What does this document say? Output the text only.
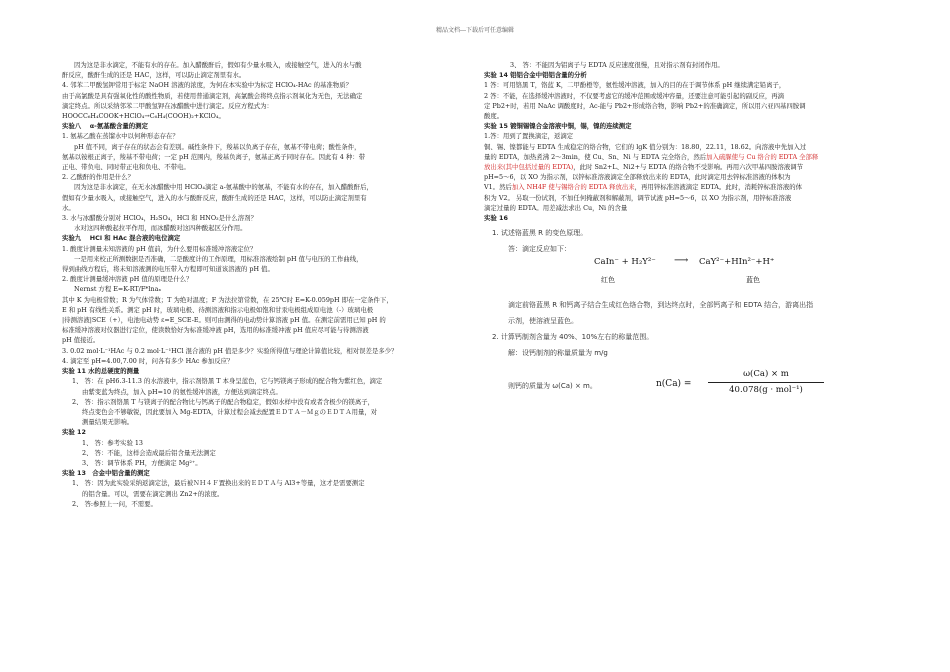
精品文档---下载后可任意编辑

因为这是非水滴定，不能有水的存在。加入醋酸酐后，假如有少量水吸入，或接触空气，进入的水与酸

酐反应，酸酐生成的还是 HAC，这样，可以防止滴定剂里有水。

4. 邻苯二甲酸氢钾常用于标定 NaOH 溶液的浓度，为何在本实验中为标定 HClO₄-HAc 的基准物质？

由于高氯酸是具有强氧化性的酸性物质，若使用普通滴定剂，高氯酸会将终点指示剂氧化为无色，无法确定

滴定终点。所以采纳邻苯二甲酸氢钾在冰醋酸中进行滴定。反应方程式为：

HOOCC₆H₄COOK+HClO₄→C₆H₄(COOH)₂+KClO₄。

实验八　 α-氨基酸含量的测定

1. 氨基乙酸在蒸馏水中以何种形态存在？

pH 值不同，离子存在的状态会有差别。碱性条件下，羧基以负离子存在，氨基不带电荷；酸性条件，

氨基以铵根正离子，羧基不带电荷；一定 pH 范围内，羧基负离子，氨基正离子同时存在。因此有 4 种：带

正电、带负电、同时带正电和负电、不带电。

2. 乙酸酐的作用是什么？

因为这是非水滴定，在无水冰醋酸中用 HClO₄滴定 a-氨基酸中的氨基，不能有水的存在，加入醋酸酐后，

假如有少量水吸入，或接触空气，进入的水与酸酐反应，酸酐生成的还是 HAC，这样，可以防止滴定剂里有

水。

3. 水与冰醋酸分别对 HClO₄，H₂SO₄，HCl 和 HNO₃是什么溶剂？

水对这四种酸起拉平作用，而冰醋酸对这四种酸起区分作用。

实验九　 HCl 和 HAc 混合液的电位滴定

1. 酸度计测量未知溶液的 pH 值前，为什么要用标准缓冲溶液定位？

一是用来校正所测数据是否准确，二是酸度计的工作原理，用标准溶液绘制 pH 值与电压的工作曲线，

得到曲线方程后，将未知溶液测的电压带入方程即可知道该溶液的 pH 值。

2. 酸度计测量缓冲溶液 pH 值的原理是什么？

Nernst 方程 E=K-RT/F*lnaₓ

其中 K 为电极常数；R 为气体常数；T 为绝对温度；F 为法拉第常数，在 25℃时 E=K-0.059pH 即在一定条件下，

E 和 pH 有线性关系。测定 pH 时，玻璃电极、待测溶液和指示电极如饱和甘汞电极组成原电池（-）玻璃电极

|待测溶液|SCE（+），电池电动势 ε=E_SCE-E。则可由测得的电动势计算溶液 pH 值。在测定前需用已知 pH 的

标准缓冲溶液对仪器进行定位，使读数恰好为标准缓冲液 pH，选用的标准缓冲液 pH 值应尽可能与待测溶液

pH 值接近。

3. 0.02 mol·L⁻¹HAc 与 0.2 mol·L⁻¹HCl 混合液的 pH 值是多少？实验所得值与理论计算值比较，相对误差是多少？

4. 滴定至 pH=4.00,7.00 时，问各有多少 HAc 参加反应？

实验 11 水的总硬度的测量

1、 答：在 pH6.3-11.3 的水溶液中，指示剂铬黑 T 本身呈蓝色，它与钙镁离子形成的配合物为紫红色，滴定

由紫变蓝为终点，加入 pH=10 的氨性缓冲溶液，方便达到滴定终点。

2、 答：指示剂铬黑 T 与镁离子的配合物比与钙离子的配合物稳定，假如水样中没有或者含极少的镁离子，

终点变色会不够敏锐，因此要加入 Mg-EDTA，计算过程会减去配置ＥＤＴＡ－ＭｇのＥＤＴＡ用量，对

测量结果无影响。

实验 12

1、 答：参考实验 13

2、 答：不能，这样会造成最后铝含量无法测定

3、 答：调节体系 PH，方便滴定 Mg²⁺。

实验 13　合金中铝含量的测定

1、 答：因为此实验采纳返滴定法，最后被ＮＨ４Ｆ置换出来的ＥＤＴＡ与 Al3+等量，这才是需要测定

的铝含量。可以，需要在滴定测出 Zn2+的浓度。

2、 答:参照上一问，不需要。

3、 答：不能因为铝离子与 EDTA 反应速度很慢，且对指示剂有封闭作用。

实验 14 铝铝合金中铝铝含量的分析

1 答：可用铬黑 T，铬蓝 K，二甲酚橙等，氨性缓冲溶液，加入的目的在于调节体系 pH 继续满定铅离子，

2 答：不能，在选择缓冲溶液时，不仅要考虑它的缓冲范围或缓冲容量，还要注意可能引起的副反应，再滴

定 Pb2+时，若用 NaAc 调酸度时，Ac-能与 Pb2+形成络合物，影响 Pb2+的准确滴定，所以用六亚四基四胺调

酸度。

实验 15 镀铜锡镍合金溶液中铜，锡，镍的连续测定

1.答：用到了置换滴定，返滴定

铜、锡、镍都能与 EDTA 生成稳定的络合物，它们的 lgK 值分别为：18.80，22.11，18.62。向溶液中先加入过

量的 EDTA，加热煮沸 2～3min，使 Cu、Sn、Ni 与 EDTA 完全络合，然后加入硫脲使与 Cu 络合的 EDTA 全部释

放出来(其中包括过量的 EDTA)，此时 Sn2+L、Ni2+与 EDTA 的络合物不受影响。再用六次甲基四胺溶液调节

pH=5～6，以 XO 为指示剂，以锌标准溶液滴定全部释放出来的 EDTA，此时滴定用去锌标准溶液的体积为

V1。然后加入 NH4F 使与锡络合的 EDTA 释放出来，再用锌标准溶液滴定 EDTA。此时，消耗锌标准溶液的体

积为 V2。 另取一份试剂，不加任何掩蔽剂和解蔽剂，调节试液 pH=5～6，以 XO 为指示剂，用锌标准溶液

滴定过量的 EDTA。用差减法求出 Cu，Ni 的含量

实验 16

1. 试述铬蓝黑 R 的变色原理。
答：滴定反应如下：
CaIn⁻ + H₂Y²⁻ ⟶ CaY²⁻+HIn²⁻+H⁺
红色	蓝色
滴定前铬蓝黑 R 和钙离子结合生成红色络合物，到达终点时，全部钙离子和 EDTA 结合，游离出指
示剂，使溶液呈蓝色。
2. 计算钙制剂含量为 40%、10%左右的称量范围。
解：设钙制剂的称量质量为 m/g
则钙的质量为 ω(Ca) × m。	n(Ca) =
ω(Ca) × m
40.078(g · mol⁻¹)
